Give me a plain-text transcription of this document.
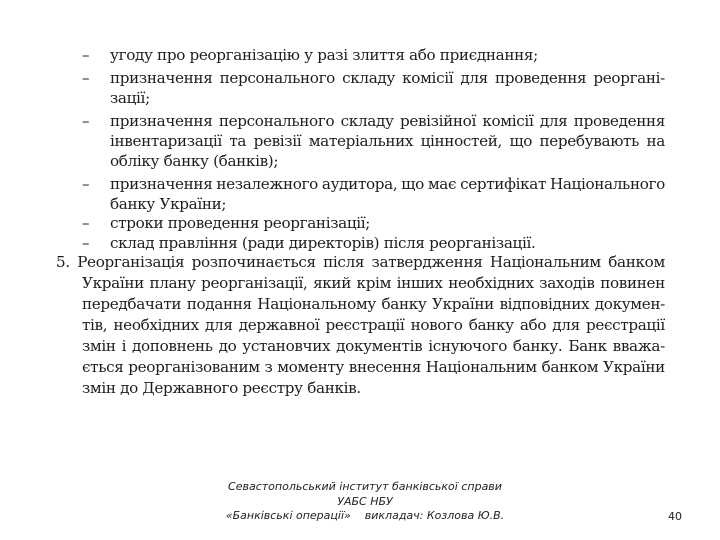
– угоду про реорганізацію у разі злиття або приєднання;
– призначення персонального складу комісії для проведення реоргані-
зації;
– призначення персонального складу ревізійної комісії для проведення
інвентаризації та ревізії матеріальних цінностей, що перебувають на
обліку банку (банків);
– призначення незалежного аудитора, що має сертифікат Національного
банку України;
– строки проведення реорганізації;
– склад правління (ради директорів) після реорганізації.
5. Реорганізація розпочинається після затвердження Національним банком
України плану реорганізації, який крім інших необхідних заходів повинен
передбачати подання Національному банку України відповідних докумен-
тів, необхідних для державної реєстрації нового банку або для реєстрації
змін і доповнень до установчих документів існуючого банку. Банк вважа-
ється реорганізованим з моменту внесення Національним банком України
змін до Державного реєстру банків.
Севастопольський інститут банківської справи
УАБС НБУ
«Банківські операції»    викладач: Козлова Ю.В.	40
